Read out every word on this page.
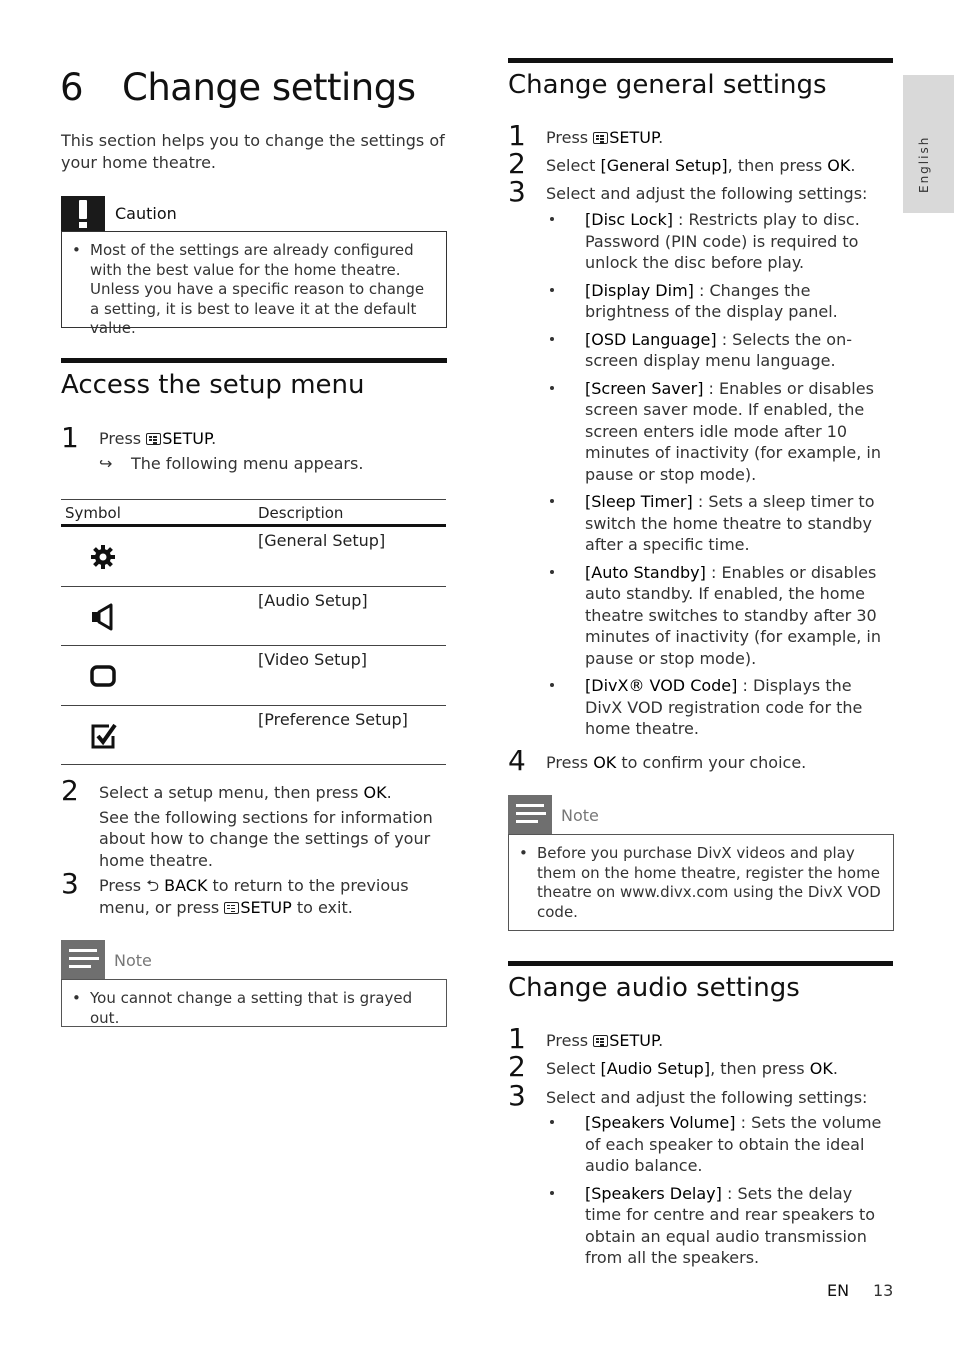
English
6 Change settings
This section helps you to change the settings of your home theatre.
Caution
• Most of the settings are already configured with the best value for the home theatre. Unless you have a specific reason to change a setting, it is best to leave it at the default value.
Access the setup menu
1	Press SETUP.
↪ The following menu appears.
Symbol	Description
[General Setup]
[Audio Setup]
[Video Setup]
[Preference Setup]
2	Select a setup menu, then press OK.
See the following sections for information about how to change the settings of your home theatre.
3	Press ⮌ BACK to return to the previous menu, or press SETUP to exit.
Note
• You cannot change a setting that is grayed out.
Change general settings
1	Press SETUP.
2	Select [General Setup], then press OK.
3	Select and adjust the following settings:
[Disc Lock] : Restricts play to disc. Password (PIN code) is required to unlock the disc before play.
[Display Dim] : Changes the brightness of the display panel.
[OSD Language] : Selects the on-screen display menu language.
[Screen Saver] : Enables or disables screen saver mode. If enabled, the screen enters idle mode after 10 minutes of inactivity (for example, in pause or stop mode).
[Sleep Timer] : Sets a sleep timer to switch the home theatre to standby after a specific time.
[Auto Standby] : Enables or disables auto standby. If enabled, the home theatre switches to standby after 30 minutes of inactivity (for example, in pause or stop mode).
[DivX® VOD Code] : Displays the DivX VOD registration code for the home theatre.
4	Press OK to confirm your choice.
Note
• Before you purchase DivX videos and play them on the home theatre, register the home theatre on www.divx.com using the DivX VOD code.
Change audio settings
1	Press SETUP.
2	Select [Audio Setup], then press OK.
3	Select and adjust the following settings:
[Speakers Volume] : Sets the volume of each speaker to obtain the ideal audio balance.
[Speakers Delay] : Sets the delay time for centre and rear speakers to obtain an equal audio transmission from all the speakers.
EN 13
